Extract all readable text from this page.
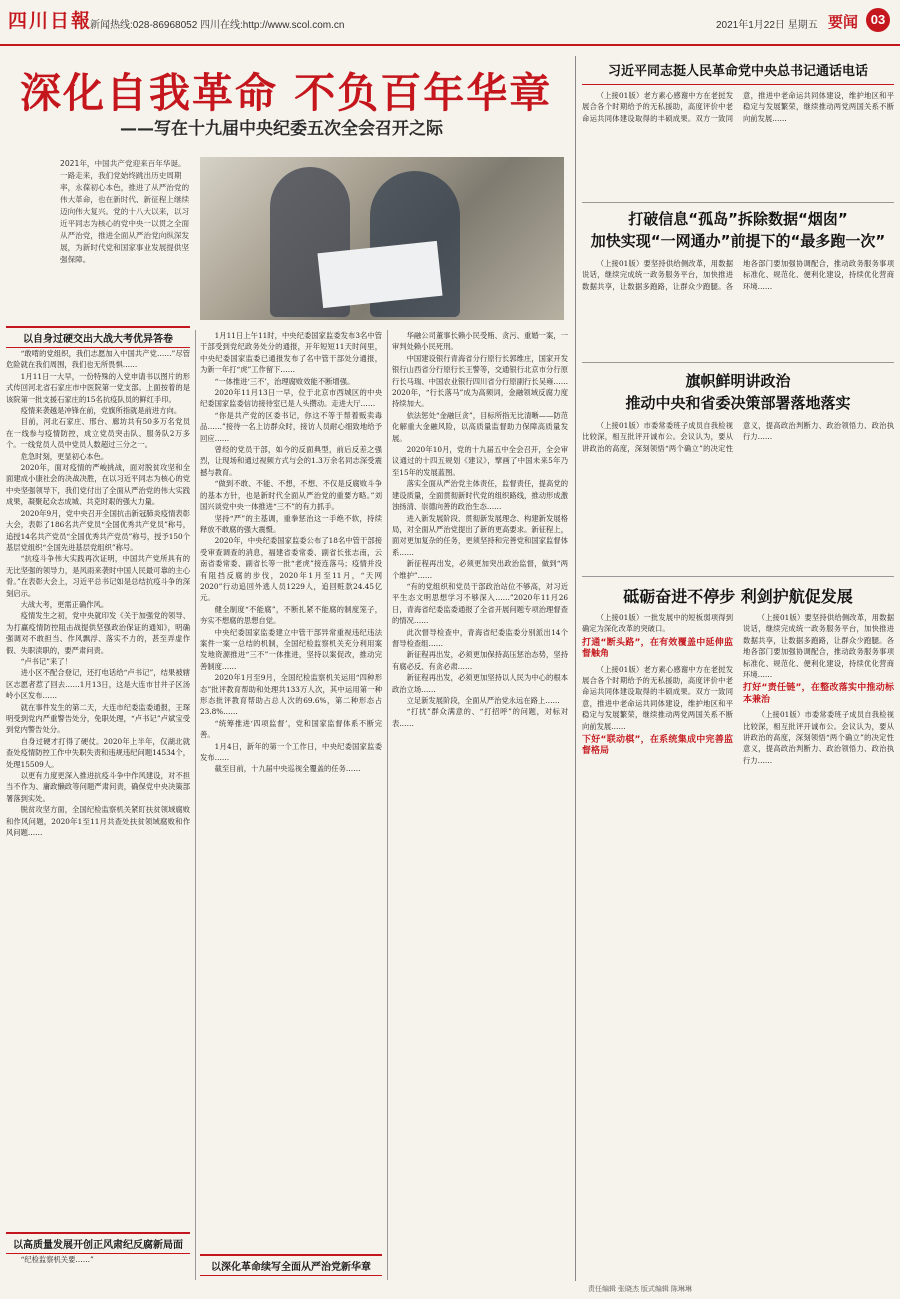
四川日報
新闻热线:028-86968052 四川在线:http://www.scol.com.cn	2021年1月22日 星期五 要闻 03
深化自我革命 不负百年华章
——写在十九届中央纪委五次全会召开之际
2021年，中国共产党迎来百年华诞。一路走来，我们党始终跳出历史周期率，永葆初心本色，推进了从严治党的伟大革命，也在新时代、新征程上继续迈向伟大复兴。党的十八大以来，以习近平同志为核心的党中央一以贯之全面从严治党，推进全面从严治党向纵深发展，为新时代党和国家事业发展提供坚强保障。

以自身过硬交出大战大考优异答卷

“敢啃的党组织，我们志愿加入中国共产党……”尽管危险就在我们周围，我们也无所畏惧……

1月11日一大早，一份特殊的入党申请书以图片的形式传回河北省石家庄市中医院第一党支部。上面按着的是该院第一批支援石家庄的15名抗疫队员的鲜红手印。

疫情来袭越是冲锋在前，党旗所指就是前进方向。

目前，河北石家庄、邢台、廊坊共有50多万名党员在一线参与疫情防控，成立党员突击队、服务队2万多个。一线党员人员中党员人数超过三分之一。

危急时刻，更显初心本色。

2020年，面对疫情的严峻挑战，面对脱贫攻坚和全面建成小康社会的决战决胜，在以习近平同志为核心的党中央坚强领导下，我们党付出了全面从严治党的伟大实践成果，凝聚起众志成城、共克时艰的强大力量。

2020年9月，党中央召开全国抗击新冠肺炎疫情表彰大会，表彰了186名共产党员“全国优秀共产党员”称号，追授14名共产党员“全国优秀共产党员”称号，授予150个基层党组织“全国先进基层党组织”称号。

“抗疫斗争伟大实践再次证明，中国共产党所具有的无比坚强的领导力，是风雨来袭时中国人民最可靠的主心骨。”在表彰大会上，习近平总书记如是总结抗疫斗争的深刻启示。

大战大考，更需正确作风。

疫情发生之初，党中央就印发《关于加强党的领导、为打赢疫情防控阻击战提供坚强政治保证的通知》，明确强调对不敢担当、作风飘浮、落实不力的，甚至弄虚作假、失职渎职的，要严肃问责。

“卢书记”来了！

进小区不配合登记，还打电话给“卢书记”，结果被辖区志愿者惹了回去……1月13日，这是大连市甘井子区汤岭小区发布……

就在事件发生的第二天，大连市纪委监委通报，王琛明受到党内严重警告处分，免职处理，“卢书记”卢斌宝受到党内警告处分。

自身过硬才打得了硬仗。2020年上半年，仅湖北就查处疫情防控工作中失职失责和违规违纪问题14534个，处理15509人。

以更有力度更深入推进抗疫斗争中作风建设，对不担当不作为、庸政懒政等问题严肃问责，确保党中央决策部署落到实处。

脱贫攻坚方面，全国纪检监察机关紧盯扶贫领域腐败和作风问题，2020年1至11月共查处扶贫领域腐败和作风问题……

以高质量发展开创正风肃纪反腐新局面

“纪检监察机关要……”

1月11日上午11时，中央纪委国家监委发布3名中管干部受到党纪政务处分的通报，开年短短11天时间里，中央纪委国家监委已通报发布了名中管干部处分通报，为新一年打“虎”工作留下……

“一体推进‘三不’，治理腐败效能不断增强。

2020年11月13日一早，位于北京市西城区的中央纪委国家监委信访接待室已是人头攒动。走进大厅……

“你是共产党的区委书记，你这不等于帮着贩卖毒品……”接待一名上访群众时，接访人员耐心细致地给予回应……

曾经的党员干部，如今的反面典型，前后反差之强烈，让现场和通过视频方式与会的1.3万余名同志深受震撼与教育。

“做到不敢、不能、不想，不想、不仅是反腐败斗争的基本方针，也是新时代全面从严治党的重要方略。”刘国兴谈党中央一体推进“三不”的有力抓手。

坚持“严”的主基调，重拳惩治这一手绝不软，持续释放不敢腐的强大震慑。

2020年，中央纪委国家监委公布了18名中管干部接受审查调查的消息，福建省委常委、副省长张志南，云南省委常委、副省长等一批“老虎”接连落马；疫情并没有阻挡反腐的步伐，2020年1月至11月，“天网2020”行动追回外逃人员1229人，追回赃款24.45亿元。

健全制度“不能腐”，不断扎紧不能腐的制度笼子，夯实不想腐的思想自觉。

中央纪委国家监委建立中管干部异常重视违纪违法案件一案一总结的机制，全国纪检监察机关充分利用案发地资源推进“三不”一体推进，坚持以案促改，推动完善制度……

2020年1月至9月，全国纪检监察机关运用“四种形态”批评教育帮助和处理共133万人次，其中运用第一种形态批评教育帮助占总人次的69.6%，第二种形态占23.8%……

“统筹推进‘四项监督’，党和国家监督体系不断完善。

1月4日，新年的第一个工作日，中央纪委国家监委发布……

截至目前，十九届中央巡视全覆盖的任务……

以深化革命续写全面从严治党新华章

华融公司董事长赖小民受贿、贪污、重婚一案，一审判处赖小民死刑。

中国建设银行青海省分行原行长郭维庄，国家开发银行山西省分行原行长王警等，交通银行北京市分行原行长马瑞、中国农业银行四川省分行原副行长吴雍……2020年，“行长落马”成为高频词，金融领域反腐力度持续加大。

依法惩处“金融巨贪”，目标所指无比清晰——防范化解重大金融风险，以高质量监督助力保障高质量发展。

2020年10月，党的十九届五中全会召开，全会审议通过的十四五规划《建议》，擘画了中国未来5年乃至15年的发展蓝图。

落实全面从严治党主体责任，监督责任，提高党的建设质量，全面贯彻新时代党的组织路线，推动形成激浊扬清、崇德向善的政治生态……

进入新发展阶段、贯彻新发展理念、构建新发展格局，对全面从严治党提出了新的更高要求。新征程上，面对更加复杂的任务，更须坚持和完善党和国家监督体系……

新征程再出发，必须更加突出政治监督，做到“两个维护”……

“有的党组织和党员干部政治站位不够高，对习近平生态文明思想学习不够深入……”2020年11月26日，青海省纪委监委通报了全省开展问题专项治理督查的情况……

此次督导检查中，青海省纪委监委分别派出14个督导检查组……

新征程再出发，必须更加保持高压惩治态势，坚持有腐必反、有贪必肃……

新征程再出发，必须更加坚持以人民为中心的根本政治立场……

立足新发展阶段，全面从严治党永远在路上……

“打扰”群众满意的、“打招呼”的问题，对标对表……

习近平同志挺人民革命党中央总书记通话电话

（上接01版）老方素心感谢中方在老挝发展合各个时期给予的无私援助，高度评价中老命运共同体建设取得的丰硕成果。双方一致同意，推进中老命运共同体建设，维护地区和平稳定与发展繁荣，继续推动两党两国关系不断向前发展……

打破信息“孤岛”拆除数据“烟囱”
加快实现“一网通办”前提下的“最多跑一次”

（上接01版）要坚持供给侧改革，用数据说话，继续完成统一政务服务平台，加快推进数据共享，让数据多跑路，让群众少跑腿。各地各部门要加强协调配合，推动政务服务事项标准化、规范化、便利化建设，持续优化营商环境……

旗帜鲜明讲政治
推动中央和省委决策部署落地落实

（上接01版）市委常委班子成员自我检视比较深，相互批评开诚布公。会议认为，要从讲政治的高度，深刻领悟“两个确立”的决定性意义，提高政治判断力、政治领悟力、政治执行力……

砥砺奋进不停步 利剑护航促发展

（上接01版）一批发展中的短板弱项得到确定为深化改革的突破口。

打通“断头路”，在有效覆盖中延伸监督触角

（上接01版）老方素心感谢中方在老挝发展合各个时期给予的无私援助，高度评价中老命运共同体建设取得的丰硕成果。双方一致同意，推进中老命运共同体建设，维护地区和平稳定与发展繁荣，继续推动两党两国关系不断向前发展……

下好“联动棋”，在系统集成中完善监督格局

（上接01版）要坚持供给侧改革，用数据说话，继续完成统一政务服务平台，加快推进数据共享，让数据多跑路，让群众少跑腿。各地各部门要加强协调配合，推动政务服务事项标准化、规范化、便利化建设，持续优化营商环境……

打好“责任链”，在整改落实中推动标本兼治

（上接01版）市委常委班子成员自我检视比较深，相互批评开诚布公。会议认为，要从讲政治的高度，深刻领悟“两个确立”的决定性意义，提高政治判断力、政治领悟力、政治执行力……

责任编辑 张晓杰 版式编辑 陈琳琳
